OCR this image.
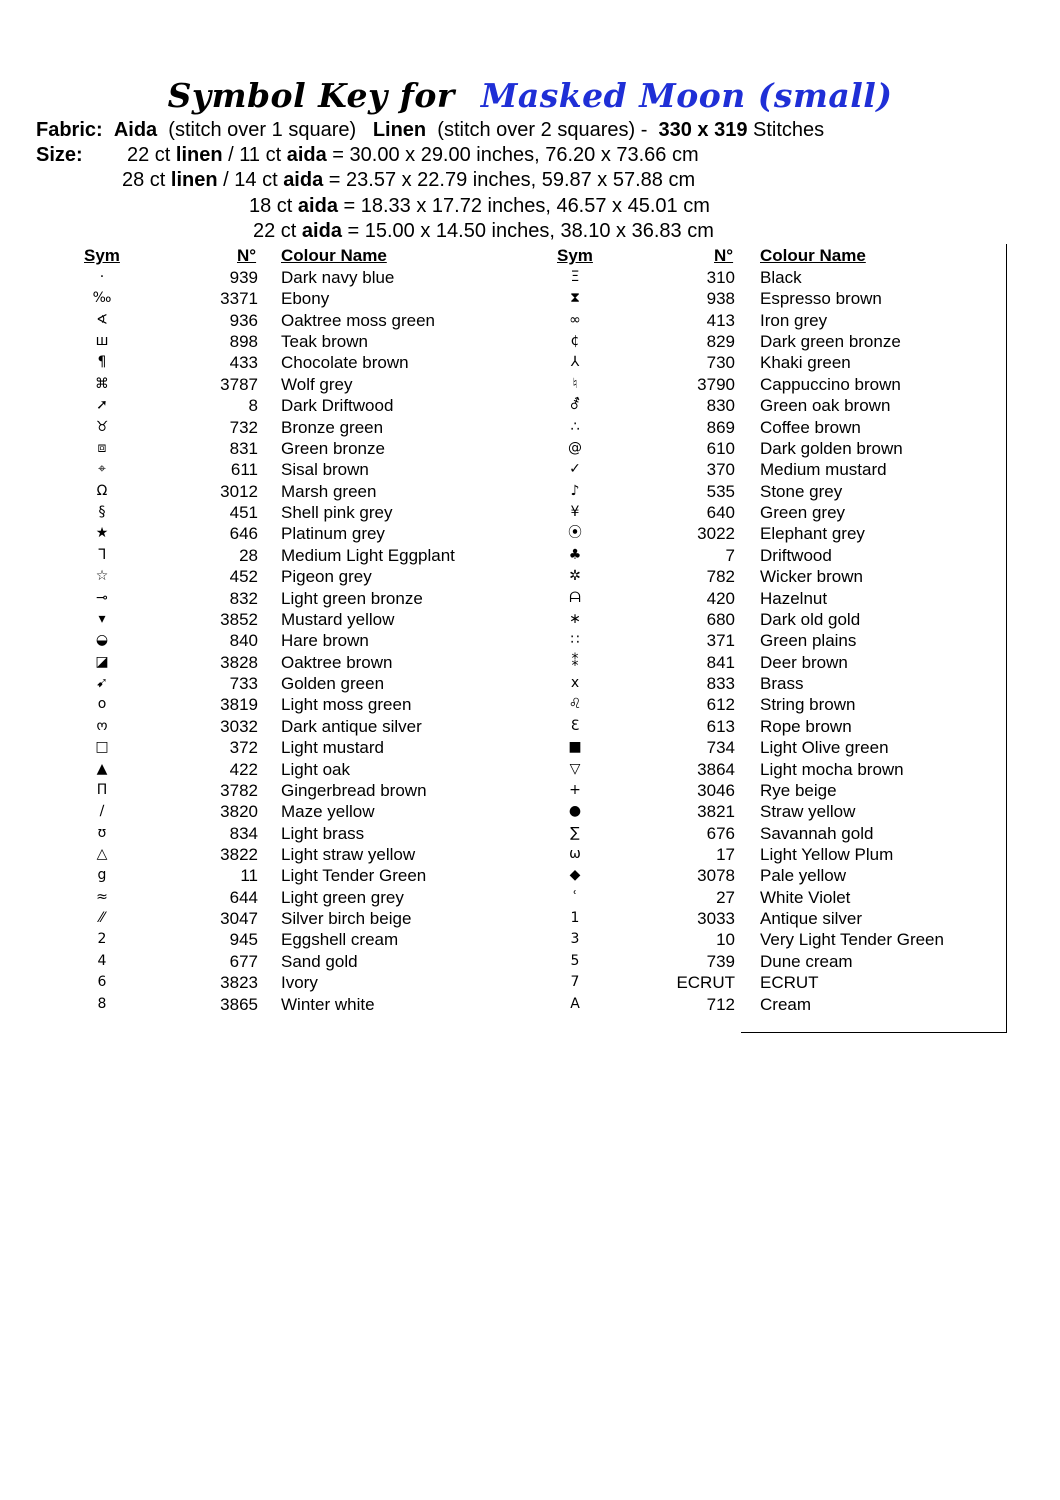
Symbol Key for Masked Moon (small)
Fabric: Aida (stitch over 1 square) Linen (stitch over 2 squares) - 330 x 319 Stitches
Size: 22 ct linen / 11 ct aida = 30.00 x 29.00 inches, 76.20 x 73.66 cm
28 ct linen / 14 ct aida = 23.57 x 22.79 inches, 59.87 x 57.88 cm
18 ct aida = 18.33 x 17.72 inches, 46.57 x 45.01 cm
22 ct aida = 15.00 x 14.50 inches, 38.10 x 36.83 cm
Sym	N° Colour Name	Sym	N° Colour Name
·	939 Dark navy blue
‰	3371 Ebony
∢	936 Oaktree moss green
ш	898 Teak brown
¶	433 Chocolate brown
⌘	3787 Wolf grey
➚	8 Dark Driftwood
♉	732 Bronze green
⧈	831 Green bronze
⌖	611 Sisal brown
Ω	3012 Marsh green
§	451 Shell pink grey
★	646 Platinum grey
ᒣ	28 Medium Light Eggplant
☆	452 Pigeon grey
⊸	832 Light green bronze
▾	3852 Mustard yellow
◒	840 Hare brown
◪	3828 Oaktree brown
➹	733 Golden green
o	3819 Light moss green
ო	3032 Dark antique silver
□	372 Light mustard
▲	422 Light oak
Π	3782 Gingerbread brown
∕	3820 Maze yellow
ʊ	834 Light brass
△	3822 Light straw yellow
g	11 Light Tender Green
≈	644 Light green grey
⁄⁄	3047 Silver birch beige
2	945 Eggshell cream
4	677 Sand gold
6	3823 Ivory
8	3865 Winter white
Ξ	310 Black
⧗	938 Espresso brown
∞	413 Iron grey
¢	829 Dark green bronze
⅄	730 Khaki green
♮	3790 Cappuccino brown
⚦	830 Green oak brown
∴	869 Coffee brown
@	610 Dark golden brown
✓	370 Medium mustard
♪	535 Stone grey
¥	640 Green grey
⦿	3022 Elephant grey
♣	7 Driftwood
✲	782 Wicker brown
ᗩ	420 Hazelnut
∗	680 Dark old gold
∷	371 Green plains
⁑	841 Deer brown
x	833 Brass
♌	612 String brown
Ɛ	613 Rope brown
■	734 Light Olive green
▽	3864 Light mocha brown
+	3046 Rye beige
●	3821 Straw yellow
∑	676 Savannah gold
ω	17 Light Yellow Plum
◆	3078 Pale yellow
ʿ	27 White Violet
1	3033 Antique silver
3	10 Very Light Tender Green
5	739 Dune cream
7	ECRUT ECRUT
A	712 Cream
